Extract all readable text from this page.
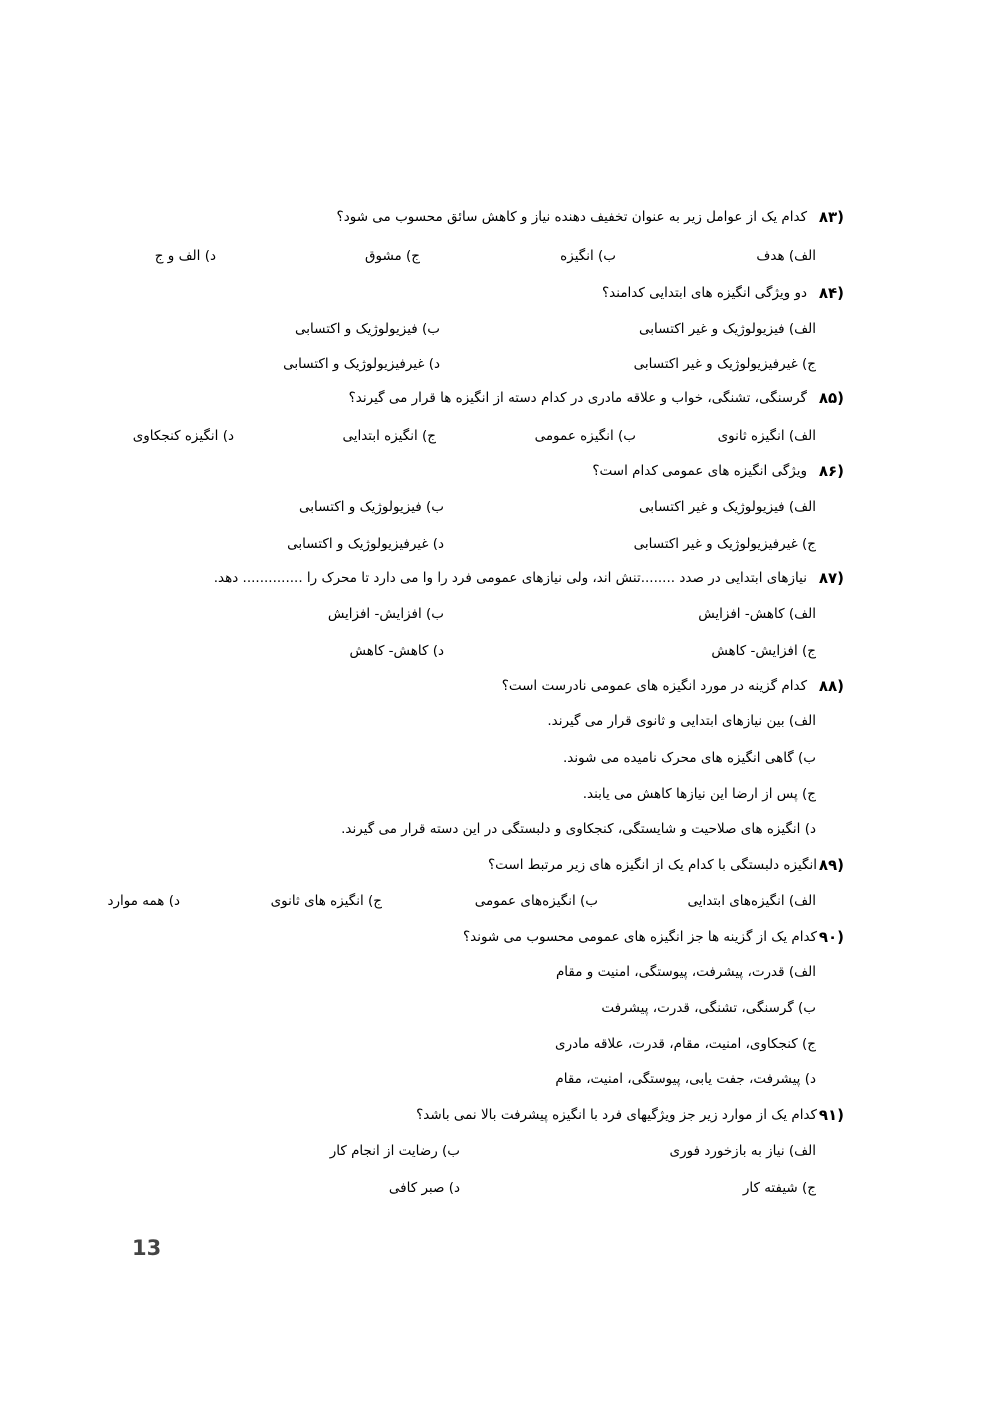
۸۳)
کدام یک از عوامل زیر به عنوان تخفیف دهنده نیاز و کاهش سائق محسوب می شود؟
الف) هدف
ب) انگیزه
ج) مشوق
د) الف و ج
۸۴)
دو ویژگی انگیزه های ابتدایی کدامند؟
الف) فیزیولوژیک و غیر اکتسابی
ب) فیزیولوژیک و اکتسابی
ج) غیرفیزیولوژیک و غیر اکتسابی
د) غیرفیزیولوژیک و اکتسابی
۸۵)
گرسنگی، تشنگی، خواب و علاقه مادری در کدام دسته از انگیزه ها قرار می گیرند؟
الف) انگیزه ثانوی
ب) انگیزه عمومی
ج) انگیزه ابتدایی
د) انگیزه کنجکاوی
۸۶)
ویژگی انگیزه های عمومی کدام است؟
الف) فیزیولوژیک و غیر اکتسابی
ب) فیزیولوژیک و اکتسابی
ج) غیرفیزیولوژیک و غیر اکتسابی
د) غیرفیزیولوژیک و اکتسابی
۸۷)
نیازهای ابتدایی در صدد ........تنش اند، ولی نیازهای عمومی فرد را وا می دارد تا محرک را .............. دهد.
الف) کاهش- افزایش
ب) افزایش- افزایش
ج) افزایش- کاهش
د) کاهش- کاهش
۸۸)
کدام گزینه در مورد انگیزه های عمومی نادرست است؟
الف) بین نیازهای ابتدایی و ثانوی قرار می گیرند.
ب) گاهی انگیزه های محرک نامیده می شوند.
ج) پس از ارضا این نیازها کاهش می یابند.
د) انگیزه های صلاحیت و شایستگی، کنجکاوی و دلبستگی در این دسته قرار می گیرند.
۸۹)
انگیزه دلبستگی با کدام یک از انگیزه های زیر مرتبط است؟
الف) انگیزه‌های ابتدایی
ب) انگیزه‌های عمومی
ج) انگیزه های ثانوی
د) همه موارد
۹۰)
کدام یک از گزینه ها جز انگیزه های عمومی محسوب می شوند؟
الف) قدرت، پیشرفت، پیوستگی، امنیت و مقام
ب) گرسنگی، تشنگی، قدرت، پیشرفت
ج) کنجکاوی، امنیت، مقام، قدرت، علاقه مادری
د) پیشرفت، جفت یابی، پیوستگی، امنیت، مقام
۹۱)
کدام یک از موارد زیر جز ویژگیهای فرد با انگیزه پیشرفت بالا نمی باشد؟
الف) نیاز به بازخورد فوری
ب) رضایت از انجام کار
ج) شیفته کار
د) صبر کافی
13
